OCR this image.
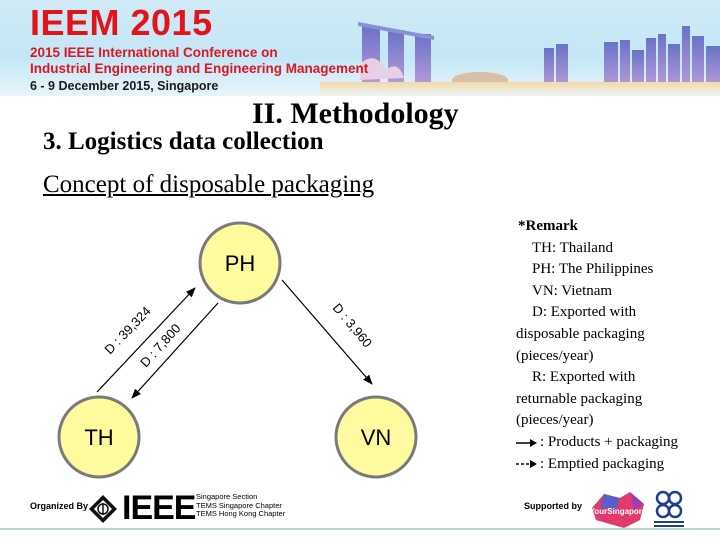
IEEM 2015
2015 IEEE International Conference on
Industrial Engineering and Engineering Management
6 - 9 December 2015, Singapore
II. Methodology
3. Logistics data collection
Concept of disposable packaging
D : 39,324
D : 7,800	D : 3,960
PH
TH	VN
*Remark
TH: Thailand
PH: The Philippines
VN: Vietnam
D: Exported with
disposable packaging
(pieces/year)
R: Exported with
returnable packaging
(pieces/year)
: Products + packaging
: Emptied packaging
Organized By IEEE Singapore Section
TEMS Singapore Chapter
TEMS Hong Kong Chapter
Supported by
YourSingapore
